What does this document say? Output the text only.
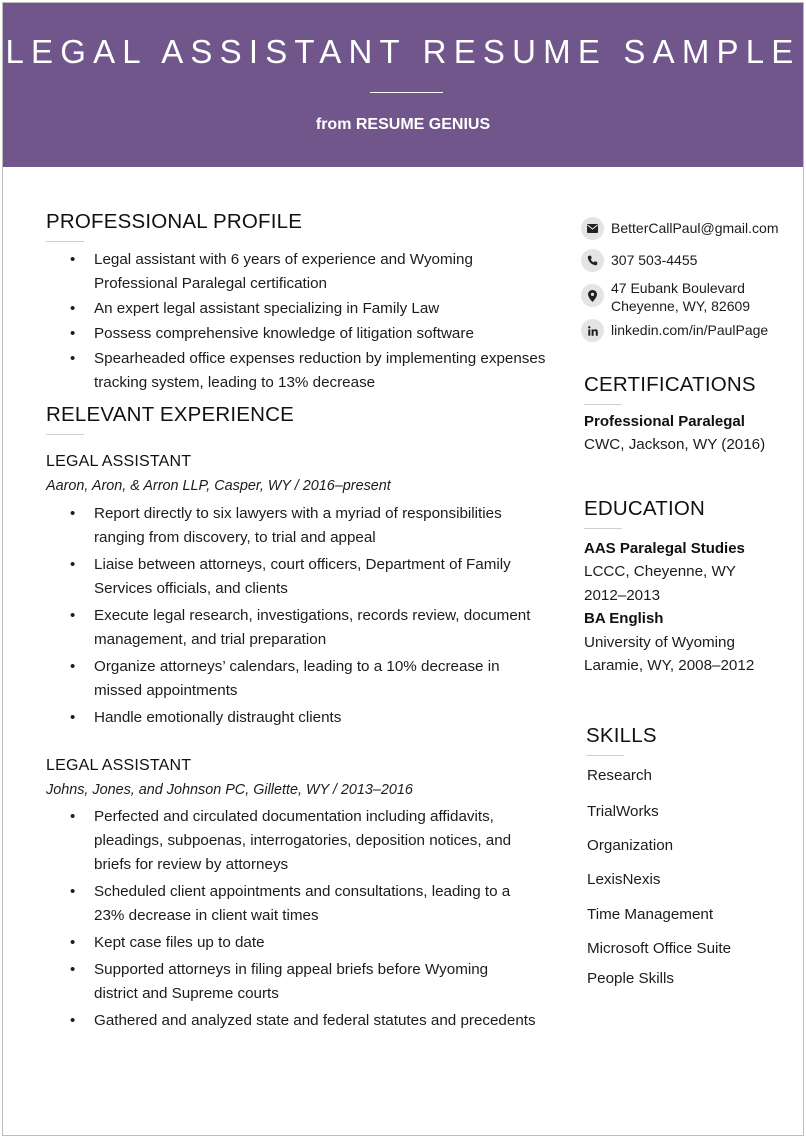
LEGAL ASSISTANT RESUME SAMPLE
from RESUME GENIUS
PROFESSIONAL PROFILE
• Legal assistant with 6 years of experience and Wyoming
Professional Paralegal certification
• An expert legal assistant specializing in Family Law
• Possess comprehensive knowledge of litigation software
• Spearheaded office expenses reduction by implementing expenses
tracking system, leading to 13% decrease
RELEVANT EXPERIENCE
LEGAL ASSISTANT
Aaron, Aron, & Arron LLP, Casper, WY / 2016–present
• Report directly to six lawyers with a myriad of responsibilities
ranging from discovery, to trial and appeal
• Liaise between attorneys, court officers, Department of Family
Services officials, and clients
• Execute legal research, investigations, records review, document
management, and trial preparation
• Organize attorneys’ calendars, leading to a 10% decrease in
missed appointments
• Handle emotionally distraught clients
LEGAL ASSISTANT
Johns, Jones, and Johnson PC, Gillette, WY / 2013–2016
• Perfected and circulated documentation including affidavits,
pleadings, subpoenas, interrogatories, deposition notices, and
briefs for review by attorneys
• Scheduled client appointments and consultations, leading to a
23% decrease in client wait times
• Kept case files up to date
• Supported attorneys in filing appeal briefs before Wyoming
district and Supreme courts
• Gathered and analyzed state and federal statutes and precedents
BetterCallPaul@gmail.com
307 503-4455
47 Eubank Boulevard
Cheyenne, WY, 82609
linkedin.com/in/PaulPage
CERTIFICATIONS
Professional Paralegal
CWC, Jackson, WY (2016)
EDUCATION
AAS Paralegal Studies
LCCC, Cheyenne, WY
2012–2013
BA English
University of Wyoming
Laramie, WY, 2008–2012
SKILLS
Research
TrialWorks
Organization
LexisNexis
Time Management
Microsoft Office Suite
People Skills
